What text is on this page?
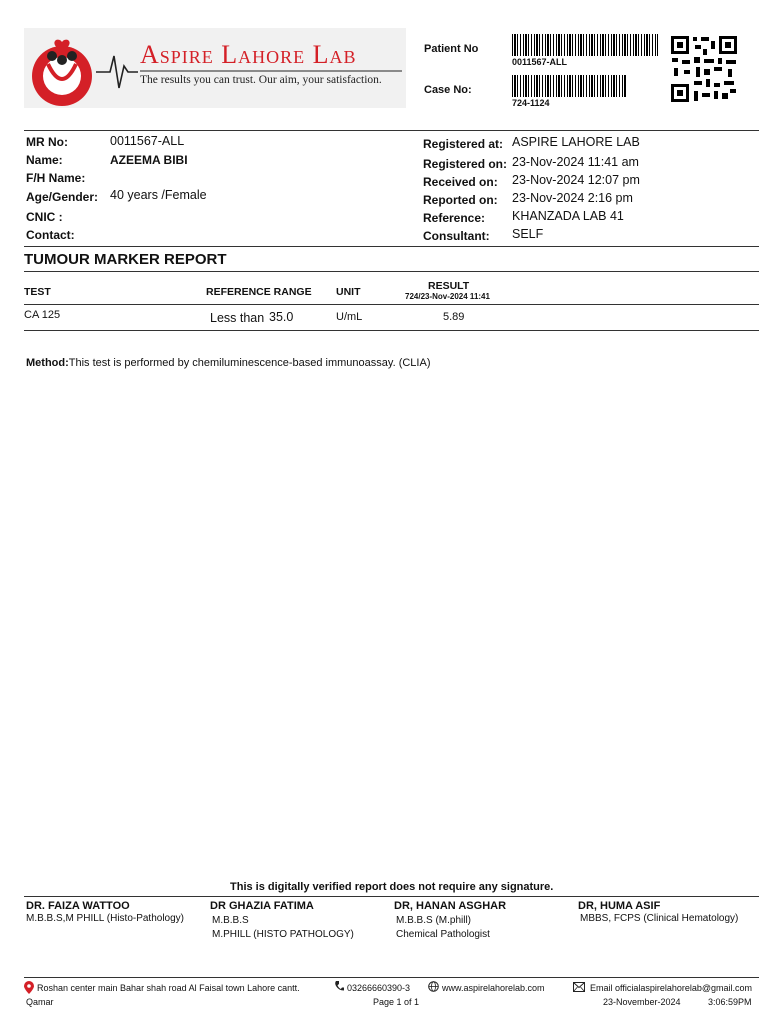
Aspire Lahore Lab
The results you can trust. Our aim, your satisfaction.
Patient No
0011567-ALL
Case No:
724-1124
MR No:	0011567-ALL
Name:	AZEEMA BIBI
F/H Name:
Age/Gender: 40 years /Female
CNIC :
Contact:
Registered at: ASPIRE LAHORE LAB
Registered on: 23-Nov-2024 11:41 am
Received on: 23-Nov-2024 12:07 pm
Reported on: 23-Nov-2024 2:16 pm
Reference: KHANZADA LAB 41
Consultant: SELF
TUMOUR MARKER REPORT
TEST	REFERENCE RANGE UNIT	RESULT
724/23-Nov-2024 11:41
CA 125	Less than 35.0	U/mL	5.89
Method:This test is performed by chemiluminescence-based immunoassay. (CLIA)
This is digitally verified report does not require any signature.
DR. FAIZA WATTOO
M.B.B.S,M PHILL (Histo-Pathology)
DR GHAZIA FATIMA
M.B.B.S
M.PHILL (HISTO PATHOLOGY)
DR, HANAN ASGHAR
M.B.B.S (M.phill)
Chemical Pathologist
DR, HUMA ASIF
MBBS, FCPS (Clinical Hematology)
Roshan center main Bahar shah road Al Faisal town Lahore cantt.	03266660390-3	www.aspirelahorelab.com	Email officialaspirelahorelab@gmail.com
Qamar	Page 1 of 1	23-November-2024	3:06:59PM
